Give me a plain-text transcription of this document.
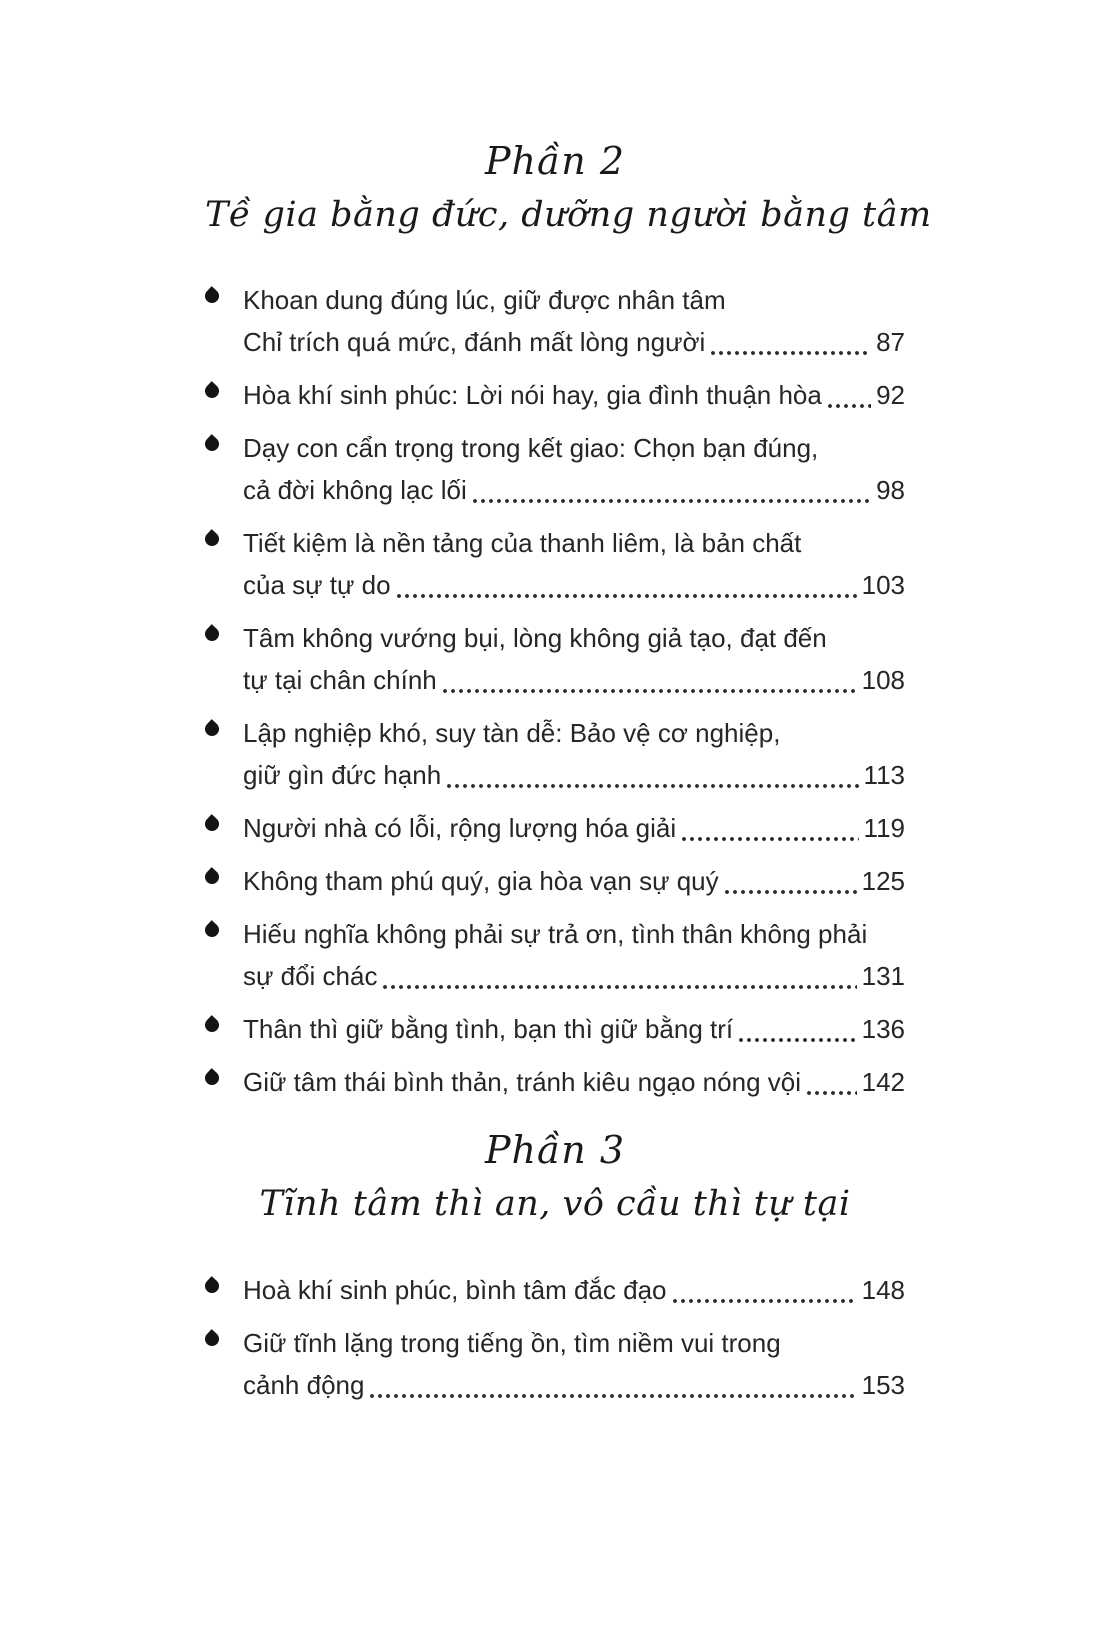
Phần 2
Tề gia bằng đức, dưỡng người bằng tâm
Khoan dung đúng lúc, giữ được nhân tâm
Chỉ trích quá mức, đánh mất lòng người	87
Hòa khí sinh phúc: Lời nói hay, gia đình thuận hòa 92
Dạy con cẩn trọng trong kết giao: Chọn bạn đúng,
cả đời không lạc lối	98
Tiết kiệm là nền tảng của thanh liêm, là bản chất
của sự tự do	103
Tâm không vướng bụi, lòng không giả tạo, đạt đến
tự tại chân chính	108
Lập nghiệp khó, suy tàn dễ: Bảo vệ cơ nghiệp,
giữ gìn đức hạnh	113
Người nhà có lỗi, rộng lượng hóa giải	119
Không tham phú quý, gia hòa vạn sự quý	125
Hiếu nghĩa không phải sự trả ơn, tình thân không phải
sự đổi chác	131
Thân thì giữ bằng tình, bạn thì giữ bằng trí	136
Giữ tâm thái bình thản, tránh kiêu ngạo nóng vội 142
Phần 3
Tĩnh tâm thì an, vô cầu thì tự tại
Hoà khí sinh phúc, bình tâm đắc đạo	148
Giữ tĩnh lặng trong tiếng ồn, tìm niềm vui trong
cảnh động	153
